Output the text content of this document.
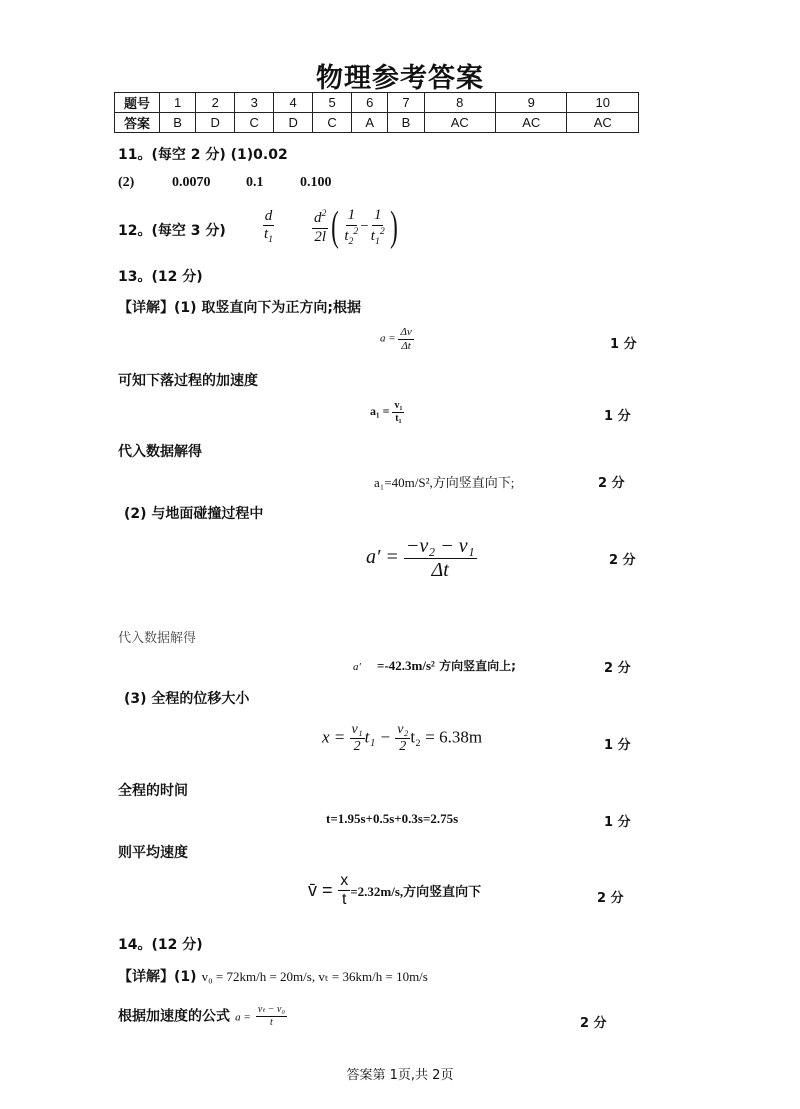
物理参考答案
题号	1	2	3	4	5	6	7	8	9	10
答案	B	D	C	D	C	A	B	AC	AC	AC
11。(每空 2 分) (1)0.02
(2)	0.0070	0.1	0.100
12。(每空 3 分) $\frac{d}{t_1} \frac{d^2}{2l}$ ( $\frac{1}{t_2^2} - \frac{1}{t_1^2}$ )
13。(12 分)
【详解】(1) 取竖直向下为正方向;根据
$a = \frac{\Delta v}{\Delta t}$	1 分
可知下落过程的加速度
$a_1 = \frac{\text{v₁}}{\text{t₁}}$	1 分
代入数据解得
a₁=40m/S²,方向竖直向下;	2 分
(2) 与地面碰撞过程中
$a' = \frac{\text{−v₂ − v₁}}{\Delta t}$	2 分
代入数据解得
a′ =-42.3m/s² 方向竖直向上;	2 分
(3) 全程的位移大小
$x = \frac{\text{v₁}}{2} t_1 - \frac{\text{v₂}}{2} t_2 = 6.38m$	1 分
全程的时间
t=1.95s+0.5s+0.3s=2.75s	1 分
则平均速度
v̄ = $\frac{x}{t} =2.32m/s$,方向竖直向下	2 分
14。(12 分)
【详解】(1) v₀ = 72km/h = 20m/s, vₜ = 36km/h = 10m/s
根据加速度的公式 $a = \frac{\text{vₜ − v₀}}{t}$	2 分
答案第 1页,共 2页
